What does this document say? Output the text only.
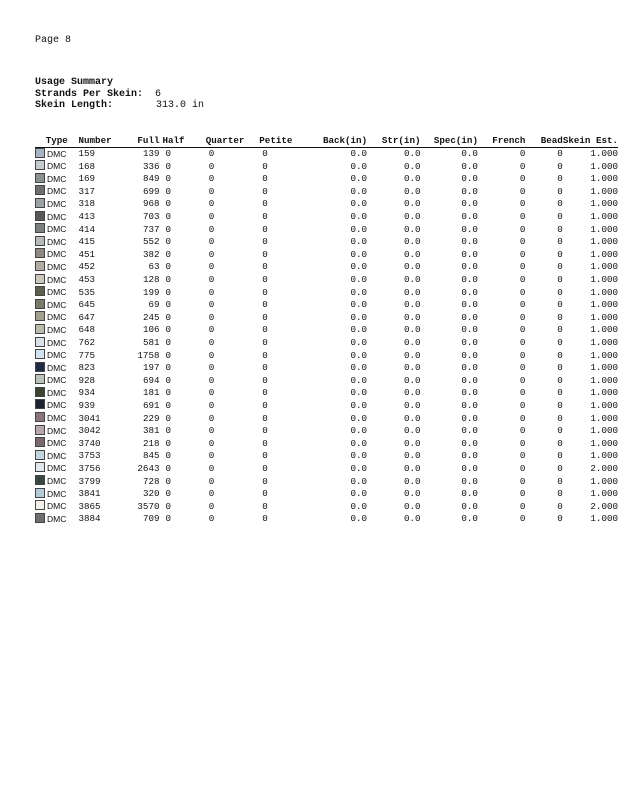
Page 8
Usage Summary
Strands Per Skein: 6
Skein Length:	313.0 in
Type	Number	Full	Half	Quarter	Petite	Back(in)	Str(in)	Spec(in)	French	Bead	Skein Est.
DMC	159	139	0	0	0	0.0	0.0	0.0	0	0	1.000
DMC	168	336	0	0	0	0.0	0.0	0.0	0	0	1.000
DMC	169	849	0	0	0	0.0	0.0	0.0	0	0	1.000
DMC	317	699	0	0	0	0.0	0.0	0.0	0	0	1.000
DMC	318	968	0	0	0	0.0	0.0	0.0	0	0	1.000
DMC	413	703	0	0	0	0.0	0.0	0.0	0	0	1.000
DMC	414	737	0	0	0	0.0	0.0	0.0	0	0	1.000
DMC	415	552	0	0	0	0.0	0.0	0.0	0	0	1.000
DMC	451	382	0	0	0	0.0	0.0	0.0	0	0	1.000
DMC	452	63	0	0	0	0.0	0.0	0.0	0	0	1.000
DMC	453	128	0	0	0	0.0	0.0	0.0	0	0	1.000
DMC	535	199	0	0	0	0.0	0.0	0.0	0	0	1.000
DMC	645	69	0	0	0	0.0	0.0	0.0	0	0	1.000
DMC	647	245	0	0	0	0.0	0.0	0.0	0	0	1.000
DMC	648	106	0	0	0	0.0	0.0	0.0	0	0	1.000
DMC	762	581	0	0	0	0.0	0.0	0.0	0	0	1.000
DMC	775	1758	0	0	0	0.0	0.0	0.0	0	0	1.000
DMC	823	197	0	0	0	0.0	0.0	0.0	0	0	1.000
DMC	928	694	0	0	0	0.0	0.0	0.0	0	0	1.000
DMC	934	181	0	0	0	0.0	0.0	0.0	0	0	1.000
DMC	939	691	0	0	0	0.0	0.0	0.0	0	0	1.000
DMC	3041	229	0	0	0	0.0	0.0	0.0	0	0	1.000
DMC	3042	381	0	0	0	0.0	0.0	0.0	0	0	1.000
DMC	3740	218	0	0	0	0.0	0.0	0.0	0	0	1.000
DMC	3753	845	0	0	0	0.0	0.0	0.0	0	0	1.000
DMC	3756	2643	0	0	0	0.0	0.0	0.0	0	0	2.000
DMC	3799	728	0	0	0	0.0	0.0	0.0	0	0	1.000
DMC	3841	320	0	0	0	0.0	0.0	0.0	0	0	1.000
DMC	3865	3570	0	0	0	0.0	0.0	0.0	0	0	2.000
DMC	3884	709	0	0	0	0.0	0.0	0.0	0	0	1.000
